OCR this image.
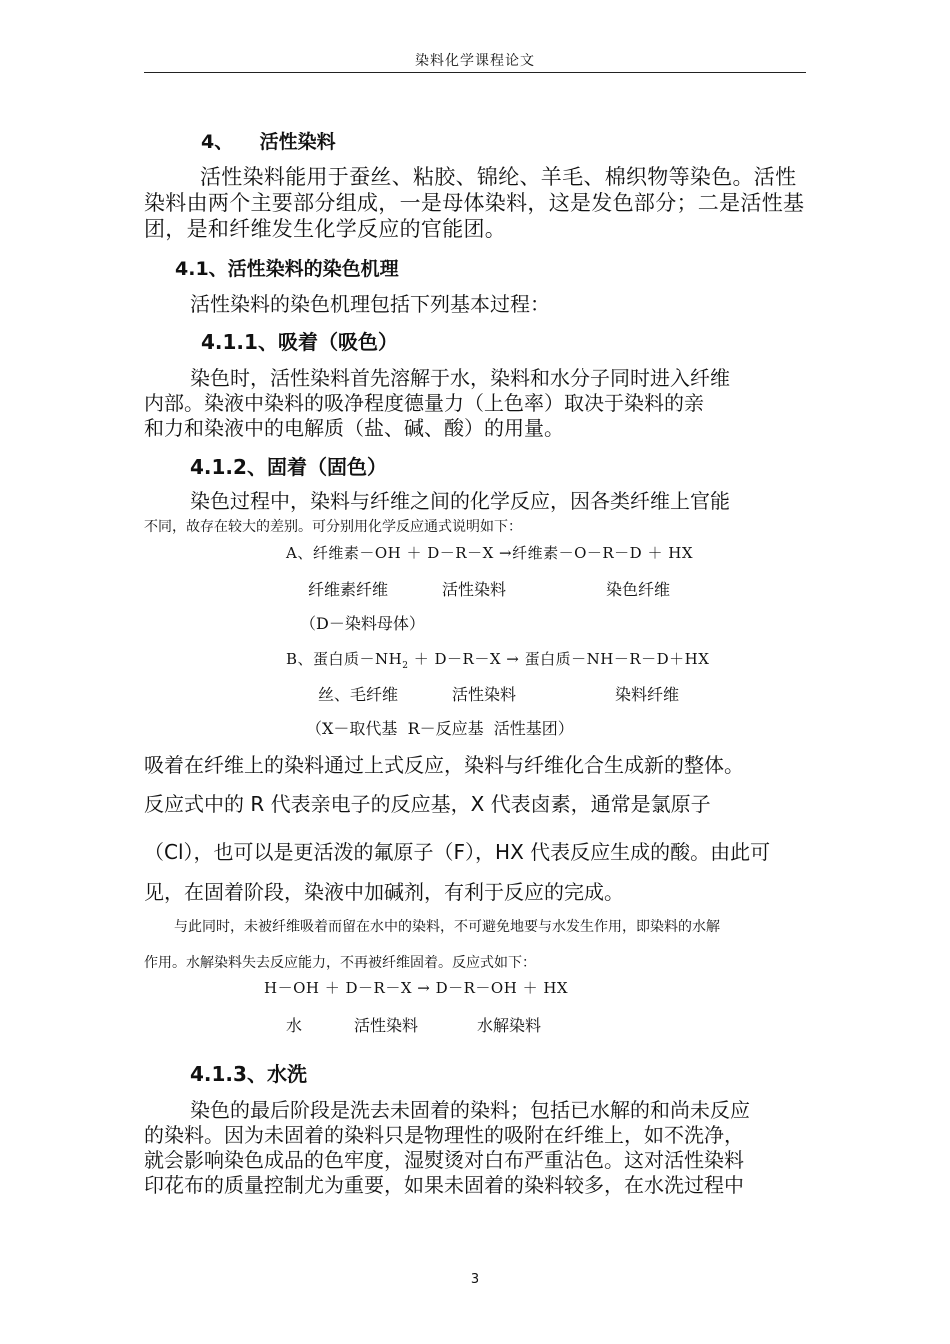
染料化学课程论文
4、    活性染料
活性染料能用于蚕丝、粘胶、锦纶、羊毛、棉织物等染色。活性染料由两个主要部分组成，一是母体染料，这是发色部分；二是活性基团，是和纤维发生化学反应的官能团。
4.1、活性染料的染色机理
活性染料的染色机理包括下列基本过程：
4.1.1、吸着（吸色）
染色时，活性染料首先溶解于水，染料和水分子同时进入纤维
内部。染液中染料的吸净程度德量力（上色率）取决于染料的亲
和力和染液中的电解质（盐、碱、酸）的用量。
4.1.2、固着（固色）
染色过程中，染料与纤维之间的化学反应，因各类纤维上官能
不同，故存在较大的差别。可分别用化学反应通式说明如下：
A、纤维素－OH ＋ D－R－X →纤维素－O－R－D ＋ HX
纤维素纤维	活性染料	染色纤维
（D－染料母体）
B、蛋白质$-NH_2 + D-R-X$ → 蛋白质－NH－R－D＋HX
丝、毛纤维	活性染料	染料纤维
（X－取代基  R－反应基  活性基团）
吸着在纤维上的染料通过上式反应，染料与纤维化合生成新的整体。
反应式中的 R 代表亲电子的反应基，X 代表卤素，通常是氯原子
（Cl），也可以是更活泼的氟原子（F），HX 代表反应生成的酸。由此可
见，在固着阶段，染液中加碱剂，有利于反应的完成。
与此同时，未被纤维吸着而留在水中的染料，不可避免地要与水发生作用，即染料的水解
作用。水解染料失去反应能力，不再被纤维固着。反应式如下：
H－OH ＋ D－R－X → D－R－OH ＋ HX
水	活性染料	水解染料
4.1.3、水洗
染色的最后阶段是洗去未固着的染料；包括已水解的和尚未反应
的染料。因为未固着的染料只是物理性的吸附在纤维上，如不洗净，
就会影响染色成品的色牢度，湿熨烫对白布严重沾色。这对活性染料
印花布的质量控制尤为重要，如果未固着的染料较多，在水洗过程中
3
